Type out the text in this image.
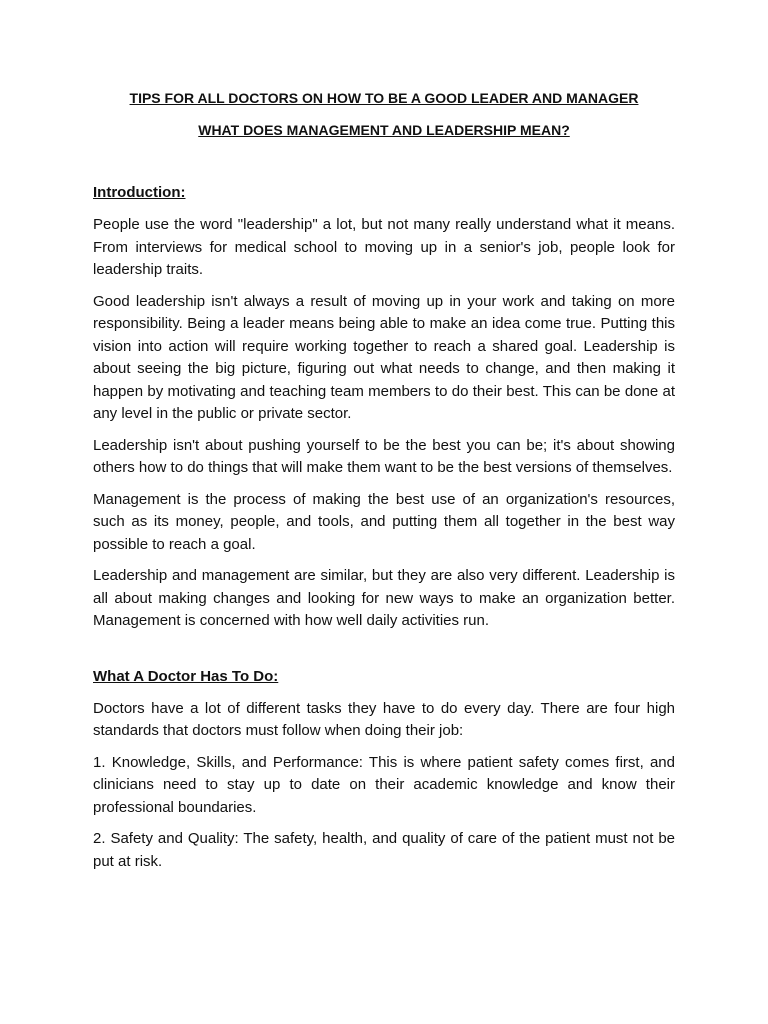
TIPS FOR ALL DOCTORS ON HOW TO BE A GOOD LEADER AND MANAGER
WHAT DOES MANAGEMENT AND LEADERSHIP MEAN?
Introduction:

People use the word "leadership" a lot, but not many really understand what it means. From interviews for medical school to moving up in a senior's job, people look for leadership traits.

Good leadership isn't always a result of moving up in your work and taking on more responsibility. Being a leader means being able to make an idea come true. Putting this vision into action will require working together to reach a shared goal. Leadership is about seeing the big picture, figuring out what needs to change, and then making it happen by motivating and teaching team members to do their best. This can be done at any level in the public or private sector.

Leadership isn't about pushing yourself to be the best you can be; it's about showing others how to do things that will make them want to be the best versions of themselves.

Management is the process of making the best use of an organization's resources, such as its money, people, and tools, and putting them all together in the best way possible to reach a goal.

Leadership and management are similar, but they are also very different. Leadership is all about making changes and looking for new ways to make an organization better. Management is concerned with how well daily activities run.

What A Doctor Has To Do:

Doctors have a lot of different tasks they have to do every day. There are four high standards that doctors must follow when doing their job:

1. Knowledge, Skills, and Performance: This is where patient safety comes first, and clinicians need to stay up to date on their academic knowledge and know their professional boundaries.

2. Safety and Quality: The safety, health, and quality of care of the patient must not be put at risk.
